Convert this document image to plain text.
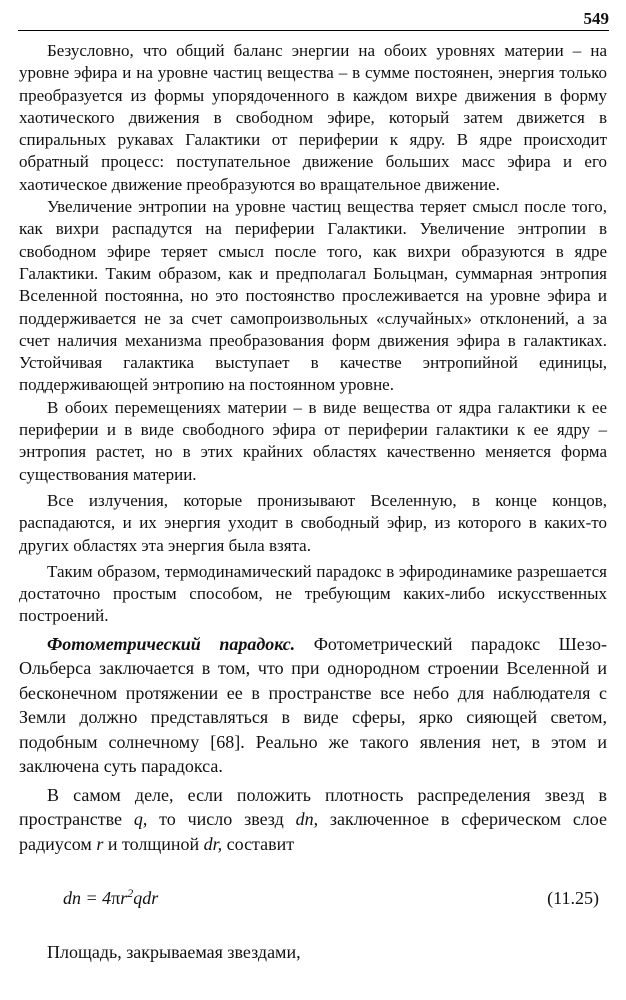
549

Безусловно, что общий баланс энергии на обоих уровнях материи – на уровне эфира и на уровне частиц вещества – в сумме постоянен, энергия только преобразуется из формы упорядоченного в каждом вихре движения в форму хаотического движения в свободном эфире, который затем движется в спиральных рукавах Галактики от периферии к ядру. В ядре происходит обратный процесс: поступательное движение больших масс эфира и его хаотическое движение преобразуются во вращательное движение.

Увеличение энтропии на уровне частиц вещества теряет смысл после того, как вихри распадутся на периферии Галактики. Увеличение энтропии в свободном эфире теряет смысл после того, как вихри образуются в ядре Галактики. Таким образом, как и предполагал Больцман, суммарная энтропия Вселенной постоянна, но это постоянство прослеживается на уровне эфира и поддерживается не за счет самопроизвольных «случайных» отклонений, а за счет наличия механизма преобразования форм движения эфира в галактиках. Устойчивая галактика выступает в качестве энтропийной единицы, поддерживающей энтропию на постоянном уровне.

В обоих перемещениях материи – в виде вещества от ядра галактики к ее периферии и в виде свободного эфира от периферии галактики к ее ядру – энтропия растет, но в этих крайних областях качественно меняется форма существования материи.

Все излучения, которые пронизывают Вселенную, в конце концов, распадаются, и их энергия уходит в свободный эфир, из которого в каких-то других областях эта энергия была взята.

Таким образом, термодинамический парадокс в эфиродинамике разрешается достаточно простым способом, не требующим каких-либо искусственных построений.

Фотометрический парадокс. Фотометрический парадокс Шезо-Ольберса заключается в том, что при однородном строении Вселенной и бесконечном протяжении ее в пространстве все небо для наблюдателя с Земли должно представляться в виде сферы, ярко сияющей светом, подобным солнечному [68]. Реально же такого явления нет, в этом и заключена суть парадокса.

В самом деле, если положить плотность распределения звезд в пространстве q, то число звезд dn, заключенное в сферическом слое радиусом r и толщиной dr, составит

dn = $4\pi r^2qdr$	(11.25)

Площадь, закрываемая звездами,
